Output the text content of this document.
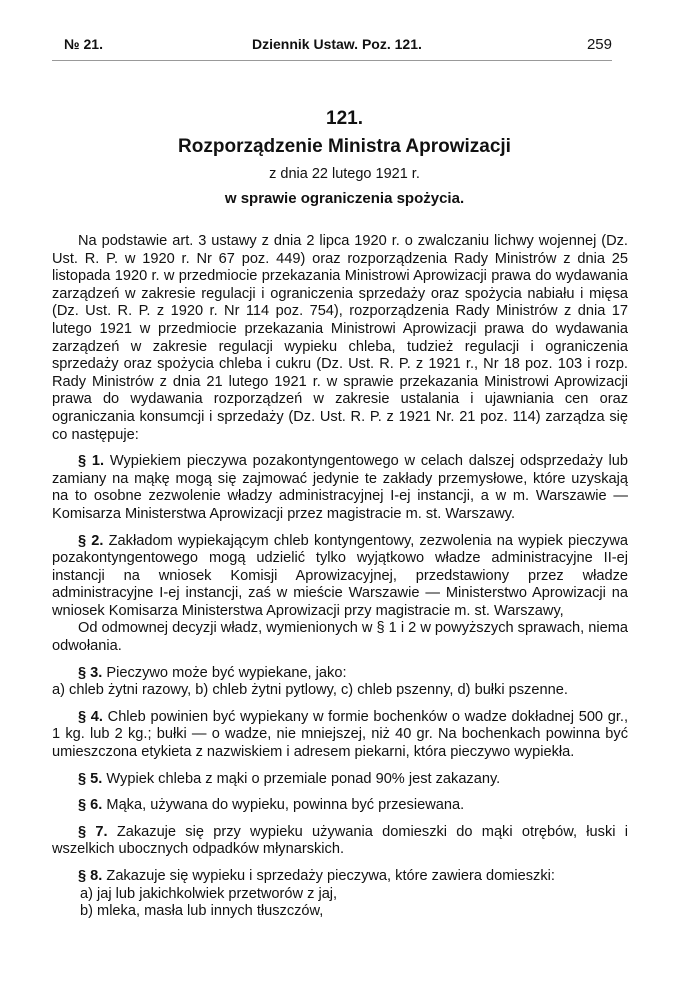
№ 21.	Dziennik Ustaw. Poz. 121.	259
121.
Rozporządzenie Ministra Aprowizacji
z dnia 22 lutego 1921 r.
w sprawie ograniczenia spożycia.

Na podstawie art. 3 ustawy z dnia 2 lipca 1920 r. o zwalczaniu lichwy wojennej (Dz. Ust. R. P. w 1920 r. Nr 67 poz. 449) oraz rozporządzenia Rady Ministrów z dnia 25 listopada 1920 r. w przedmiocie przekazania Ministrowi Aprowizacji prawa do wydawania zarządzeń w zakresie regulacji i ograniczenia sprzedaży oraz spożycia nabiału i mięsa (Dz. Ust. R. P. z 1920 r. Nr 114 poz. 754), rozporządzenia Rady Ministrów z dnia 17 lutego 1921 w przedmiocie przekazania Ministrowi Aprowizacji prawa do wydawania zarządzeń w zakresie regulacji wypieku chleba, tudzież regulacji i ograniczenia sprzedaży oraz spożycia chleba i cukru (Dz. Ust. R. P. z 1921 r., Nr 18 poz. 103 i rozp. Rady Ministrów z dnia 21 lutego 1921 r. w sprawie przekazania Ministrowi Aprowizacji prawa do wydawania rozporządzeń w zakresie ustalania i ujawniania cen oraz ograniczania konsumcji i sprzedaży (Dz. Ust. R. P. z 1921 Nr. 21 poz. 114) zarządza się co następuje:

§ 1. Wypiekiem pieczywa pozakontyngentowego w celach dalszej odsprzedaży lub zamiany na mąkę mogą się zajmować jedynie te zakłady przemysłowe, które uzyskają na to osobne zezwolenie władzy administracyjnej I-ej instancji, a w m. Warszawie — Komisarza Ministerstwa Aprowizacji przez magistracie m. st. Warszawy.

§ 2. Zakładom wypiekającym chleb kontyngentowy, zezwolenia na wypiek pieczywa pozakontyngentowego mogą udzielić tylko wyjątkowo władze administracyjne II-ej instancji na wniosek Komisji Aprowizacyjnej, przedstawiony przez władze administracyjne I-ej instancji, zaś w mieście Warszawie — Ministerstwo Aprowizacji na wniosek Komisarza Ministerstwa Aprowizacji przy magistracie m. st. Warszawy,

Od odmownej decyzji władz, wymienionych w § 1 i 2 w powyższych sprawach, niema odwołania.

§ 3. Pieczywo może być wypiekane, jako:
a) chleb żytni razowy, b) chleb żytni pytlowy, c) chleb pszenny, d) bułki pszenne.

§ 4. Chleb powinien być wypiekany w formie bochenków o wadze dokładnej 500 gr., 1 kg. lub 2 kg.; bułki — o wadze, nie mniejszej, niż 40 gr. Na bochenkach powinna być umieszczona etykieta z nazwiskiem i adresem piekarni, która pieczywo wypiekła.

§ 5. Wypiek chleba z mąki o przemiale ponad 90% jest zakazany.

§ 6. Mąka, używana do wypieku, powinna być przesiewana.

§ 7. Zakazuje się przy wypieku używania domieszki do mąki otrębów, łuski i wszelkich ubocznych odpadków młynarskich.

§ 8. Zakazuje się wypieku i sprzedaży pieczywa, które zawiera domieszki:

a) jaj lub jakichkolwiek przetworów z jaj,

b) mleka, masła lub innych tłuszczów,
